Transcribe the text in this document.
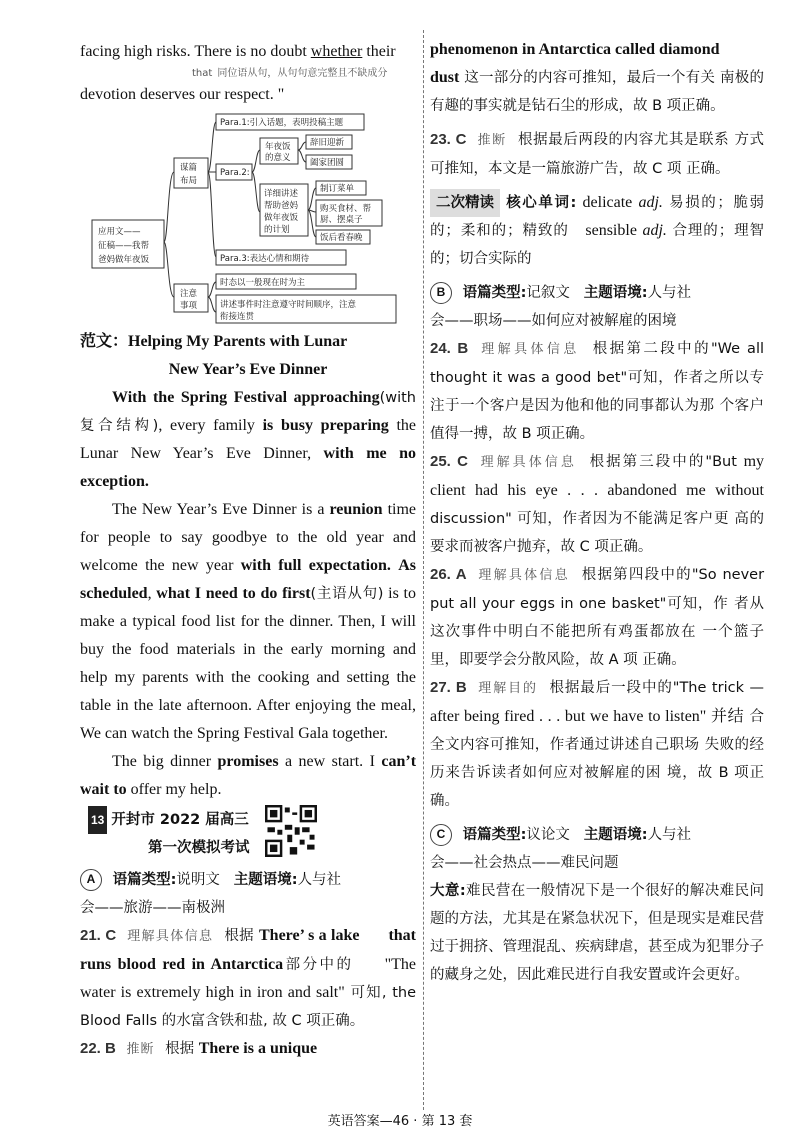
facing high risks. There is no doubt whether their

that 同位语从句，从句句意完整且不缺成分

devotion deserves our respect. "

应用文——
征稿——我帮
爸妈做年夜饭
谋篇
布局
Para.1:引入话题，表明投稿主题
Para.2:
年夜饭
的意义
辞旧迎新
阖家团圆
详细讲述
帮助爸妈
做年夜饭
的计划
制订菜单
购买食材、帮
厨、摆桌子
饭后看春晚
Para.3:表达心情和期待
注意
事项
时态以一般现在时为主
讲述事件时注意遵守时间顺序，注意
衔接连贯

范文：Helping My Parents with Lunar

New Year’s Eve Dinner

With the Spring Festival approaching(with 复合结构), every family is busy preparing the Lunar New Year’s Eve Dinner, with me no exception.

The New Year’s Eve Dinner is a reunion time for people to say goodbye to the old year and welcome the new year with full expectation. As scheduled, what I need to do first(主语从句) is to make a typical food list for the dinner. Then, I will buy the food materials in the early morning and help my parents with the cooking and setting the table in the late afternoon. After enjoying the meal, We can watch the Spring Festival Gala together.

The big dinner promises a new start. I can’t wait to offer my help.

13 开封市 2022 届高三

第一次模拟考试

A 语篇类型:说明文 主题语境:人与社

会——旅游——南极洲

21. C 理解具体信息 根据 There’ s a lake that runs blood red in Antarctica部分中的 "The water is extremely high in iron and salt" 可知, the Blood Falls 的水富含铁和盐, 故 C 项正确。

22. B 推断 根据 There is a unique

phenomenon in Antarctica called diamond

dust 这一部分的内容可推知，最后一个有关 南极的有趣的事实就是钻石尘的形成，故 B 项正确。

23. C 推断 根据最后两段的内容尤其是联系 方式可推知，本文是一篇旅游广告，故 C 项 正确。

二次精读 核心单词: delicate adj. 易损的；脆弱的；柔和的；精致的 sensible adj. 合理的；理智的；切合实际的

B 语篇类型:记叙文 主题语境:人与社

会——职场——如何应对被解雇的困境

24. B 理解具体信息 根据第二段中的"We all thought it was a good bet"可知，作者之所以专 注于一个客户是因为他和他的同事都认为那 个客户值得一搏，故 B 项正确。

25. C 理解具体信息 根据第三段中的"But my client had his eye . . . abandoned me without discussion" 可知，作者因为不能满足客户更 高的要求而被客户抛弃，故 C 项正确。

26. A 理解具体信息 根据第四段中的"So never put all your eggs in one basket"可知，作 者从这次事件中明白不能把所有鸡蛋都放在 一个篮子里，即要学会分散风险，故 A 项 正确。

27. B 理解目的 根据最后一段中的"The trick — after being fired . . . but we have to listen" 并结 合全文内容可推知，作者通过讲述自己职场 失败的经历来告诉读者如何应对被解雇的困 境，故 B 项正确。

C 语篇类型:议论文 主题语境:人与社

会——社会热点——难民问题

大意:难民营在一般情况下是一个很好的解决难民问题的方法，尤其是在紧急状况下，但是现实是难民营过于拥挤、管理混乱、疾病肆虐，甚至成为犯罪分子的藏身之处，因此难民进行自我安置或许会更好。

英语答案—46 · 第 13 套
